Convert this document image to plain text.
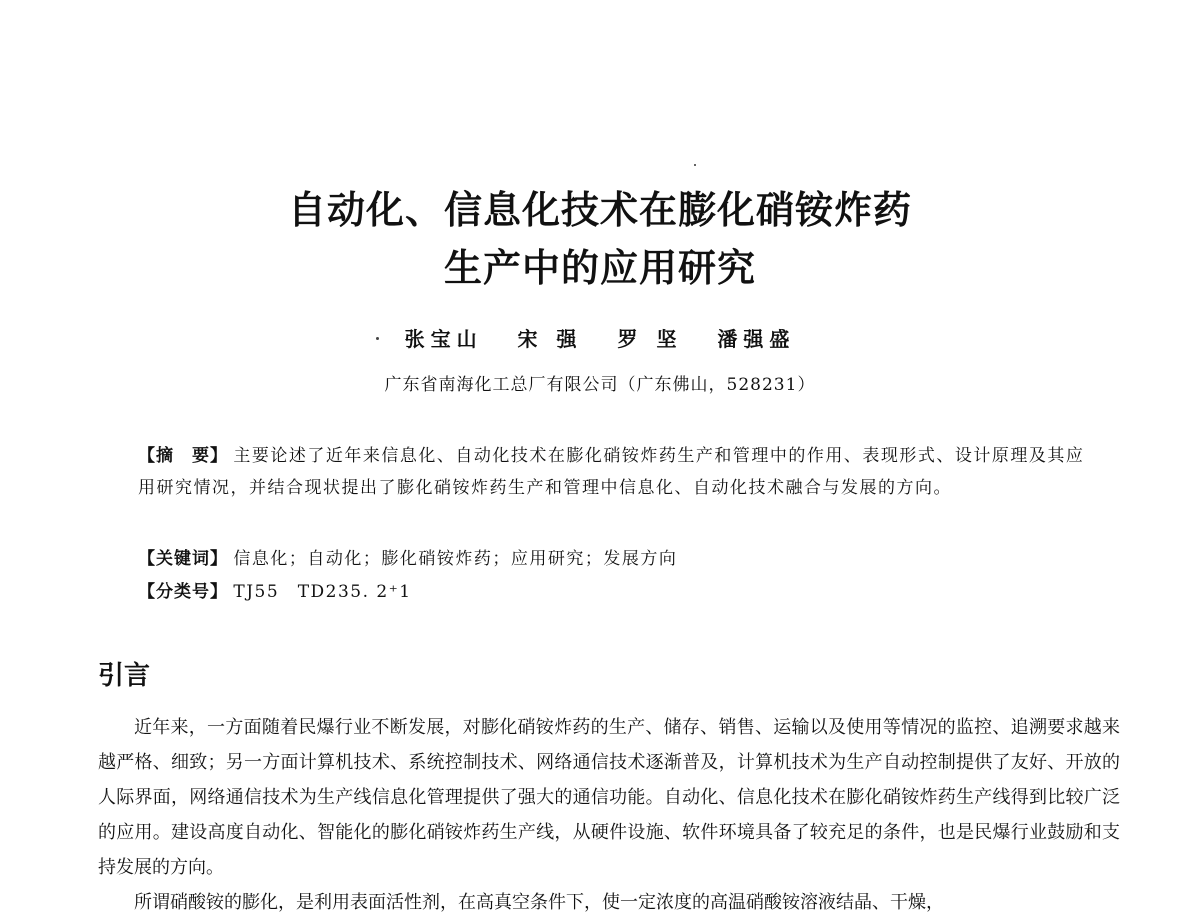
自动化、信息化技术在膨化硝铵炸药
生产中的应用研究
张宝山 宋 强 罗 坚 潘强盛
广东省南海化工总厂有限公司（广东佛山，528231）
【摘　要】 主要论述了近年来信息化、自动化技术在膨化硝铵炸药生产和管理中的作用、表现形式、设计原理及其应用研究情况，并结合现状提出了膨化硝铵炸药生产和管理中信息化、自动化技术融合与发展的方向。
【关键词】 信息化；自动化；膨化硝铵炸药；应用研究；发展方向
【分类号】 TJ55　TD235. 2⁺1
引言

近年来，一方面随着民爆行业不断发展，对膨化硝铵炸药的生产、储存、销售、运输以及使用等情况的监控、追溯要求越来越严格、细致；另一方面计算机技术、系统控制技术、网络通信技术逐渐普及，计算机技术为生产自动控制提供了友好、开放的人际界面，网络通信技术为生产线信息化管理提供了强大的通信功能。自动化、信息化技术在膨化硝铵炸药生产线得到比较广泛的应用。建设高度自动化、智能化的膨化硝铵炸药生产线，从硬件设施、软件环境具备了较充足的条件，也是民爆行业鼓励和支持发展的方向。

所谓硝酸铵的膨化，是利用表面活性剂，在高真空条件下，使一定浓度的高温硝酸铵溶液结晶、干燥，
